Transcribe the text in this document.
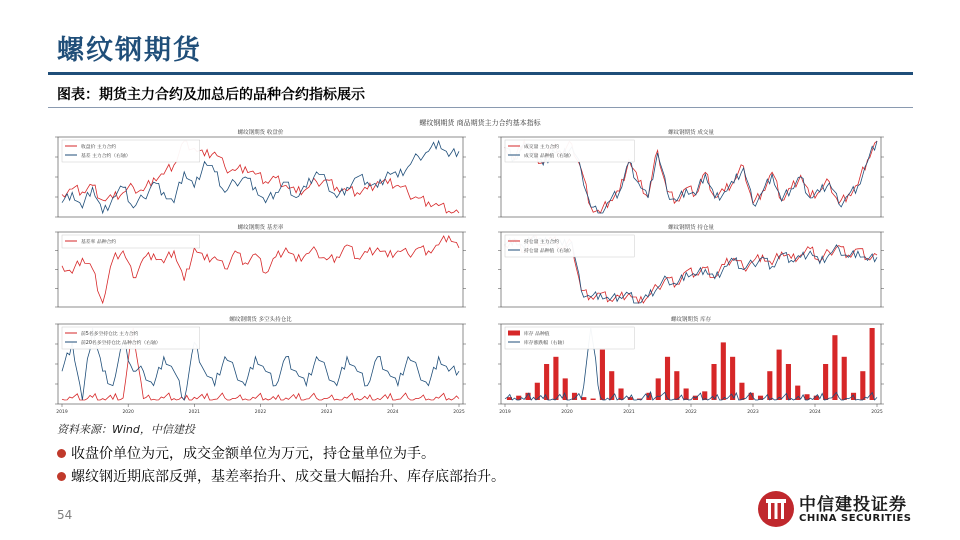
螺纹钢期货
图表：期货主力合约及加总后的品种合约指标展示
螺纹钢期货 商品期货主力合约基本指标
螺纹钢期货 收盘价
收盘价 主力合约
基差 主力合约（右轴）
螺纹钢期货 成交量
成交量 主力合约
成交量 品种值（右轴）
螺纹钢期货 基差率
基差率 品种合约
螺纹钢期货 持仓量
持仓量 主力合约
持仓量 品种值（右轴）
螺纹钢期货 多空头持仓比
前5名多空持仓比 主力合约
前20名多空持仓比 品种合约（右轴）
螺纹钢期货 库存
库存 品种值
库存涨跌幅（右轴）
2019	2020	2021	2022	2023	2024	2025	2019	2020	2021	2022	2023	2024	2025
资料来源：Wind，中信建投
收盘价单位为元，成交金额单位为万元，持仓量单位为手。
螺纹钢近期底部反弹，基差率抬升、成交量大幅抬升、库存底部抬升。
54	中信建投证券
CHINA SECURITIES
